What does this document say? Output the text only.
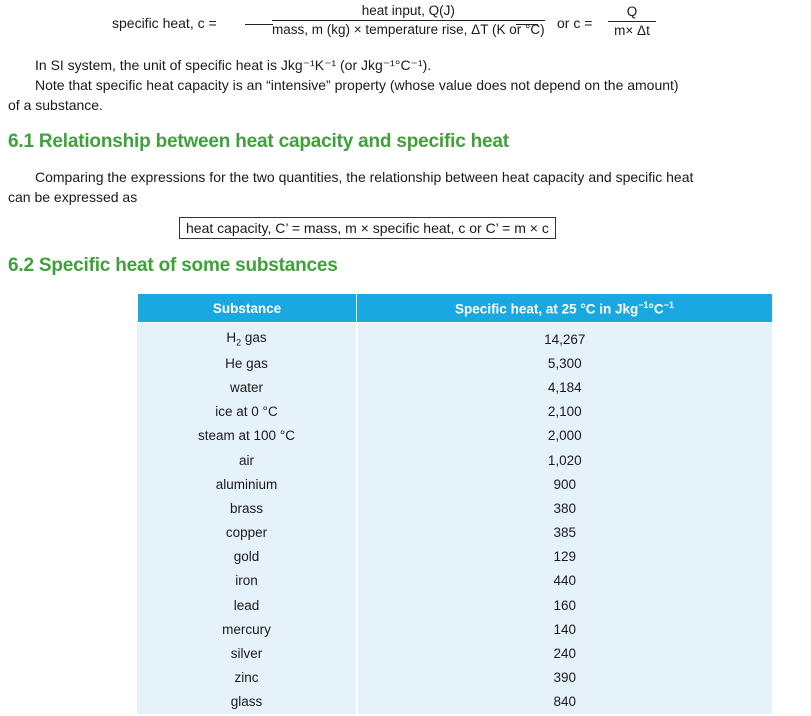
specific heat, c =
heat input, Q(J)
mass, m (kg) × temperature rise, ΔT (K or °C) or $c = \frac{Q}{m\times \Delta t}$
In SI system, the unit of specific heat is Jkg⁻¹K⁻¹ (or Jkg⁻¹°C⁻¹).
Note that specific heat capacity is an “intensive” property (whose value does not depend on the amount)
of a substance.
6.1 Relationship between heat capacity and specific heat
Comparing the expressions for the two quantities, the relationship between heat capacity and specific heat
can be expressed as
heat capacity, C’ = mass, m × specific heat, c or C’ = m × c
6.2 Specific heat of some substances
Substance	Specific heat, at 25 °C in $Jkg^{-1}^\circ C^{-1}$
$H_2$ gas	14,267
He gas	5,300
water	4,184
ice at 0 °C	2,100
steam at 100 °C	2,000
air	1,020
aluminium	900
brass	380
copper	385
gold	129
iron	440
lead	160
mercury	140
silver	240
zinc	390
glass	840
